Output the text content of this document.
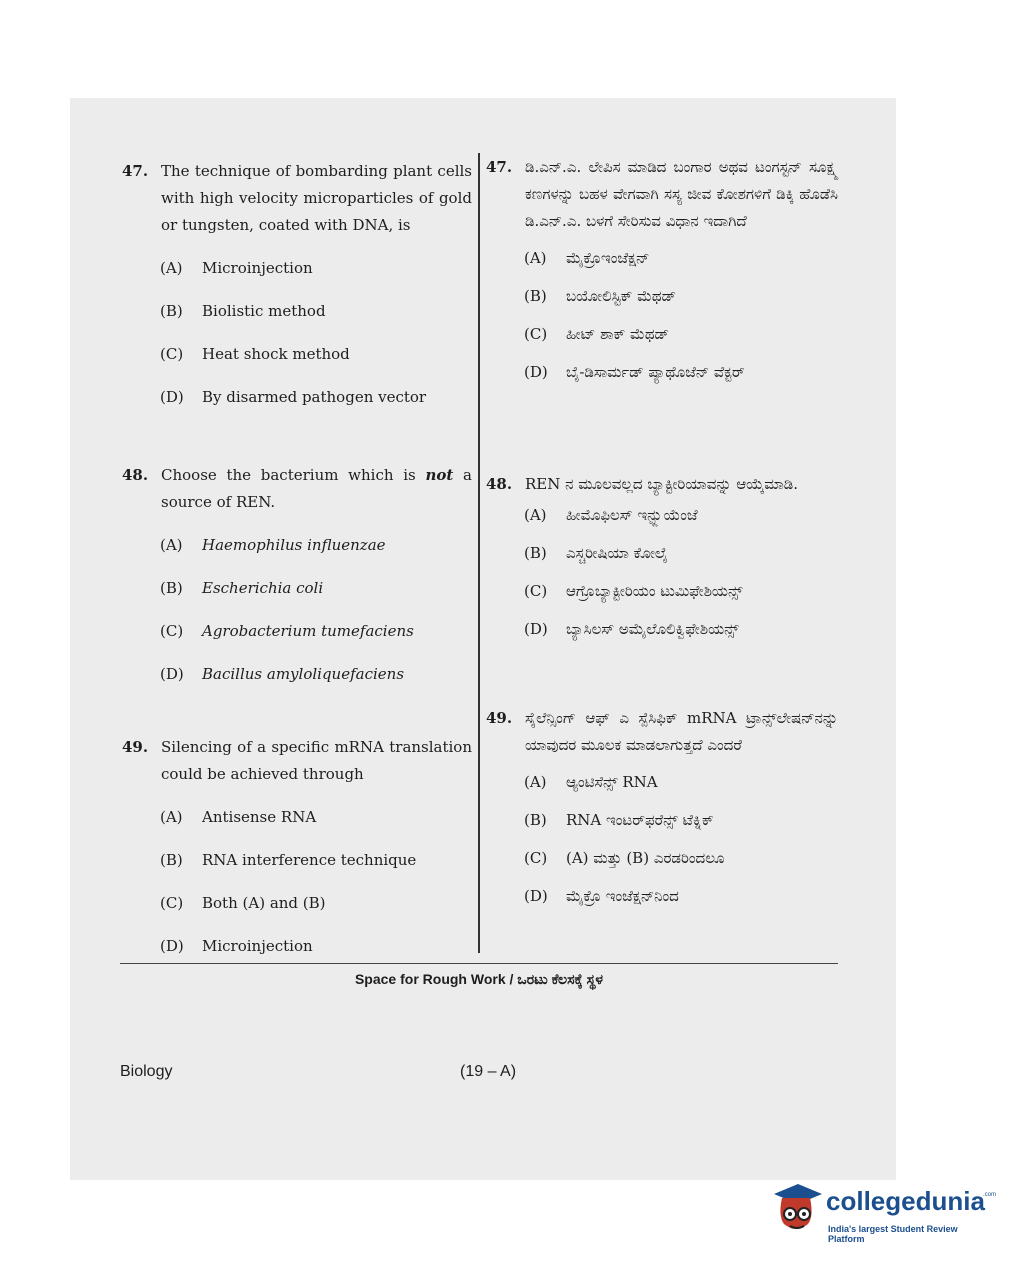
47. The technique of bombarding plant cells with high velocity microparticles of gold or tungsten, coated with DNA, is
(A)	Microinjection
(B)	Biolistic method
(C)	Heat shock method
(D)	By disarmed pathogen vector
48. Choose the bacterium which is not a source of REN.
(A)	Haemophilus influenzae
(B)	Escherichia coli
(C)	Agrobacterium tumefaciens
(D)	Bacillus amyloliquefaciens
49. Silencing of a specific mRNA translation could be achieved through
(A)	Antisense RNA
(B)	RNA interference technique
(C)	Both (A) and (B)
(D)	Microinjection
47. ಡಿ.ಎನ್.ಎ. ಲೇಪಿಸ ಮಾಡಿದ ಬಂಗಾರ ಅಥವ ಟಂಗಸ್ಟನ್ ಸೂಕ್ಷ್ಮ ಕಣಗಳನ್ನು ಬಹಳ ವೇಗವಾಗಿ ಸಸ್ಯ ಜೀವ ಕೋಶಗಳಿಗೆ ಡಿಕ್ಕಿ ಹೊಡೆಸಿ ಡಿ.ಎನ್.ಎ. ಬಳಗೆ ಸೇರಿಸುವ ವಿಧಾನ ಇದಾಗಿದೆ
(A)	ಮೈಕ್ರೊಇಂಜೆಕ್ಷನ್
(B)	ಬಯೋಲಿಸ್ಟಿಕ್ ಮೆಥಡ್
(C)	ಹೀಟ್ ಶಾಕ್ ಮೆಥಡ್
(D)	ಬೈ-ಡಿಸಾರ್ಮಡ್ ಪ್ಯಾಥೊಜೆನ್ ವೆಕ್ಟರ್
48. REN ನ ಮೂಲವಲ್ಲದ ಬ್ಯಾಕ್ಟೀರಿಯಾವನ್ನು ಆಯ್ಕೆಮಾಡಿ.
(A)	ಹೀಮೊಫಿಲಸ್ ಇನ್ಫ್ಲುಯೆಂಜೆ
(B)	ಎಸ್ಚರೀಷಿಯಾ ಕೋಲೈ
(C)	ಆಗ್ರೊಬ್ಯಾಕ್ಟೀರಿಯಂ ಟುಮಿಫೇಶಿಯನ್ಸ್
(D)	ಬ್ಯಾಸಿಲಸ್ ಅಮೈಲೊಲಿಕ್ವಿಫೇಶಿಯನ್ಸ್
49. ಸೈಲೆನ್ಸಿಂಗ್ ಆಫ್ ಎ ಸ್ಪೆಸಿಫಿಕ್ mRNA ಟ್ರಾನ್ಸ್‌ಲೇಷನ್‌ನನ್ನು ಯಾವುದರ ಮೂಲಕ ಮಾಡಲಾಗುತ್ತದೆ ಎಂದರೆ
(A)	ಆ್ಯಂಟಿಸೆನ್ಸ್ RNA
(B)	RNA ಇಂಟರ್‌ಫರೆನ್ಸ್ ಟೆಕ್ನಿಕ್
(C)	(A) ಮತ್ತು (B) ಎರಡರಿಂದಲೂ
(D)	ಮೈಕ್ರೊ ಇಂಜೆಕ್ಷನ್‌ನಿಂದ
Space for Rough Work / ಒರಟು ಕೆಲಸಕ್ಕೆ ಸ್ಥಳ
Biology	(19 – A)
collegedunia
.com
India's largest Student Review Platform
